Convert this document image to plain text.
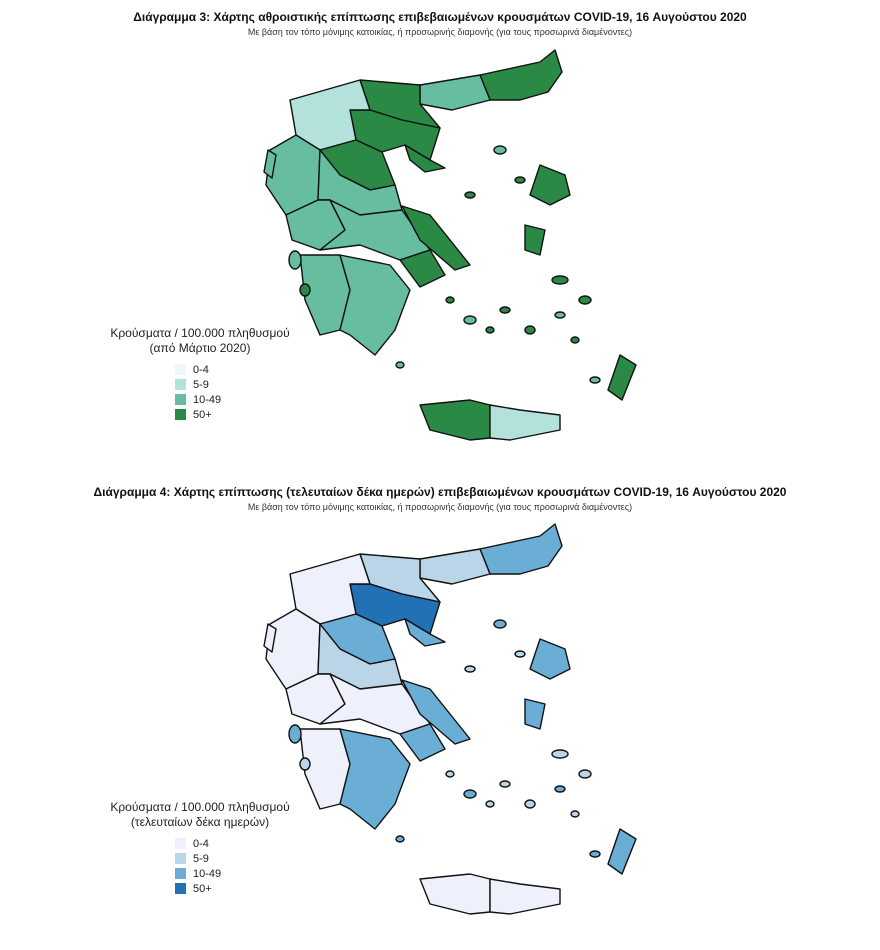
Διάγραμμα 3: Χάρτης αθροιστικής επίπτωσης επιβεβαιωμένων κρουσμάτων COVID-19, 16 Αυγούστου 2020
Με βάση τον τόπο μόνιμης κατοικίας, ή προσωρινής διαμονής (για τους προσωρινά διαμένοντες)
Κρούσματα / 100.000 πληθυσμού
(από Μάρτιο 2020)
0-4
5-9
10-49
50+
Διάγραμμα 4: Χάρτης επίπτωσης (τελευταίων δέκα ημερών) επιβεβαιωμένων κρουσμάτων COVID-19, 16 Αυγούστου 2020
Με βάση τον τόπο μόνιμης κατοικίας, ή προσωρινής διαμονής (για τους προσωρινά διαμένοντες)
Κρούσματα / 100.000 πληθυσμού
(τελευταίων δέκα ημερών)
0-4
5-9
10-49
50+
